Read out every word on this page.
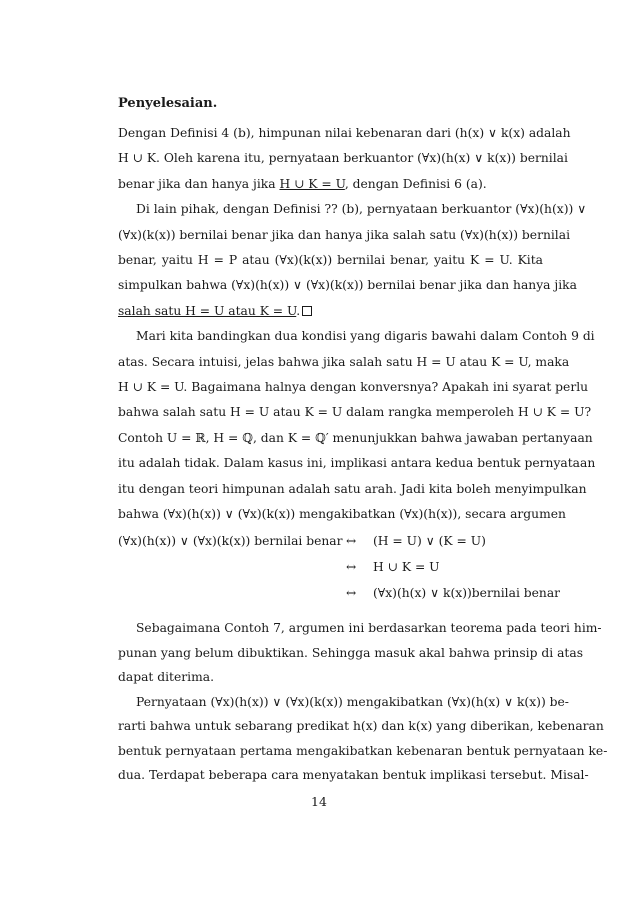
Penyelesaian.
Dengan Definisi 4 (b), himpunan nilai kebenaran dari (h(x) ∨ k(x) adalah
H ∪ K. Oleh karena itu, pernyataan berkuantor (∀x)(h(x) ∨ k(x)) bernilai
benar jika dan hanya jika H ∪ K = U, dengan Definisi 6 (a).
Di lain pihak, dengan Definisi ?? (b), pernyataan berkuantor (∀x)(h(x)) ∨
(∀x)(k(x)) bernilai benar jika dan hanya jika salah satu (∀x)(h(x)) bernilai
benar, yaitu H = P atau (∀x)(k(x)) bernilai benar, yaitu K = U. Kita
simpulkan bahwa (∀x)(h(x)) ∨ (∀x)(k(x)) bernilai benar jika dan hanya jika
salah satu H = U atau K = U.
Mari kita bandingkan dua kondisi yang digaris bawahi dalam Contoh 9 di
atas. Secara intuisi, jelas bahwa jika salah satu H = U atau K = U, maka
H ∪ K = U. Bagaimana halnya dengan konversnya? Apakah ini syarat perlu
bahwa salah satu H = U atau K = U dalam rangka memperoleh H ∪ K = U?
Contoh U = ℝ, H = ℚ, dan K = ℚ′ menunjukkan bahwa jawaban pertanyaan
itu adalah tidak. Dalam kasus ini, implikasi antara kedua bentuk pernyataan
itu dengan teori himpunan adalah satu arah. Jadi kita boleh menyimpulkan
bahwa (∀x)(h(x)) ∨ (∀x)(k(x)) mengakibatkan (∀x)(h(x)), secara argumen
(∀x)(h(x)) ∨ (∀x)(k(x)) bernilai benar ↔ (H = U) ∨ (K = U)
↔ H ∪ K = U
↔ (∀x)(h(x) ∨ k(x))bernilai benar
Sebagaimana Contoh 7, argumen ini berdasarkan teorema pada teori him-
punan yang belum dibuktikan. Sehingga masuk akal bahwa prinsip di atas
dapat diterima.
Pernyataan (∀x)(h(x)) ∨ (∀x)(k(x)) mengakibatkan (∀x)(h(x) ∨ k(x)) be-
rarti bahwa untuk sebarang predikat h(x) dan k(x) yang diberikan, kebenaran
bentuk pernyataan pertama mengakibatkan kebenaran bentuk pernyataan ke-
dua. Terdapat beberapa cara menyatakan bentuk implikasi tersebut. Misal-
14
